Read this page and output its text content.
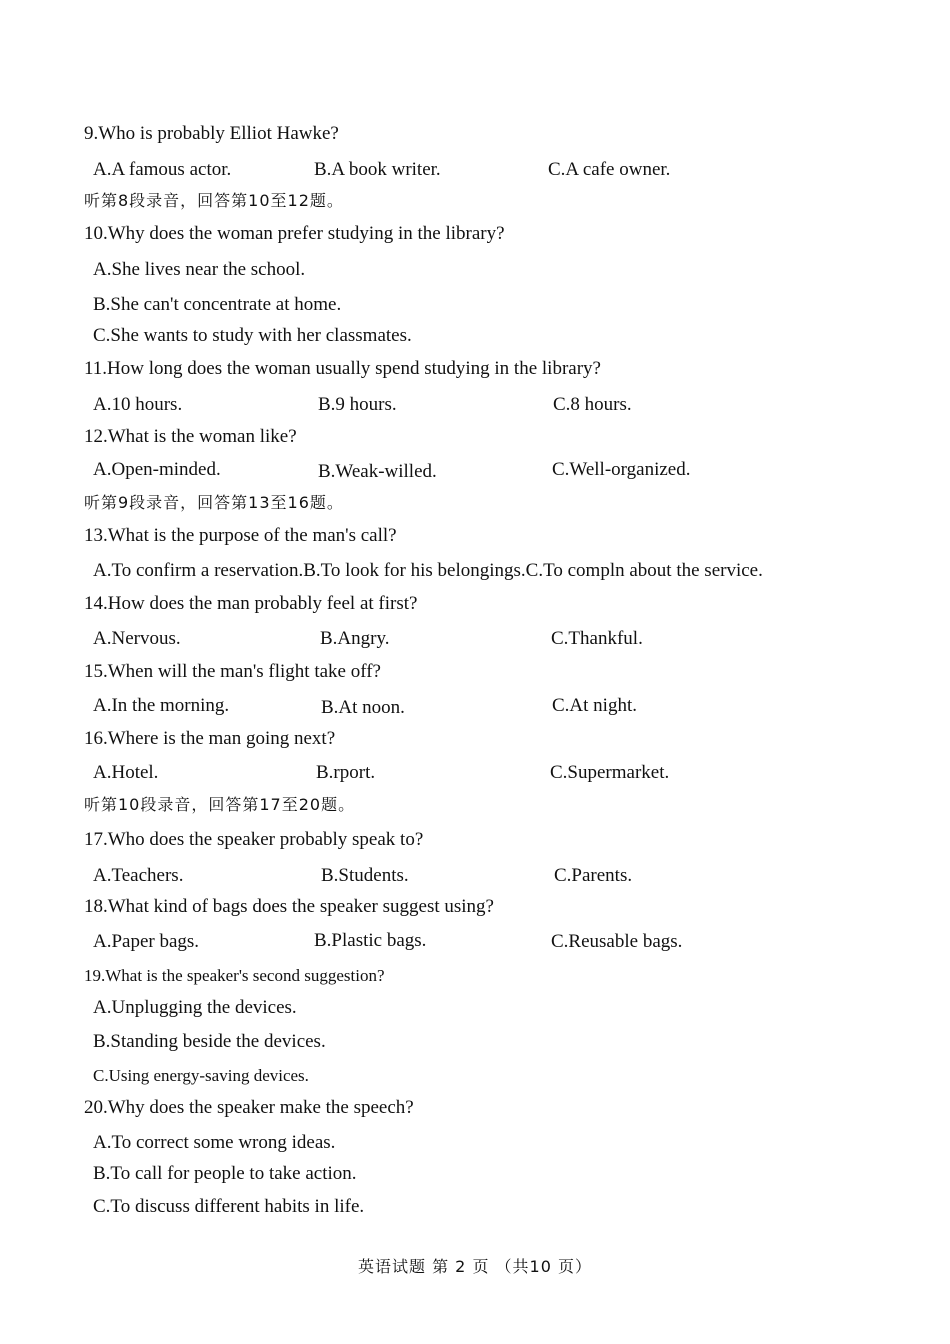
9.Who is probably Elliot Hawke?
A.A famous actor.	B.A book writer.	C.A cafe owner.
听第8段录音，回答第10至12题。
10.Why does the woman prefer studying in the library?
A.She lives near the school.
B.She can't concentrate at home.
C.She wants to study with her classmates.
11.How long does the woman usually spend studying in the library?
A.10 hours.	B.9 hours.	C.8 hours.
12.What is the woman like?
A.Open-minded.	B.Weak-willed.	C.Well-organized.
听第9段录音，回答第13至16题。
13.What is the purpose of the man's call?
A.To confirm a reservation.B.To look for his belongings.C.To compln about the service.
14.How does the man probably feel at first?
A.Nervous.	B.Angry.	C.Thankful.
15.When will the man's flight take off?
A.In the morning.	B.At noon.	C.At night.
16.Where is the man going next?
A.Hotel.	B.rport.	C.Supermarket.
听第10段录音，回答第17至20题。
17.Who does the speaker probably speak to?
A.Teachers.	B.Students.	C.Parents.
18.What kind of bags does the speaker suggest using?
A.Paper bags.	B.Plastic bags.	C.Reusable bags.
19.What is the speaker's second suggestion?
A.Unplugging the devices.
B.Standing beside the devices.
C.Using energy-saving devices.
20.Why does the speaker make the speech?
A.To correct some wrong ideas.
B.To call for people to take action.
C.To discuss different habits in life.
英语试题 第 2 页 （共10 页）
